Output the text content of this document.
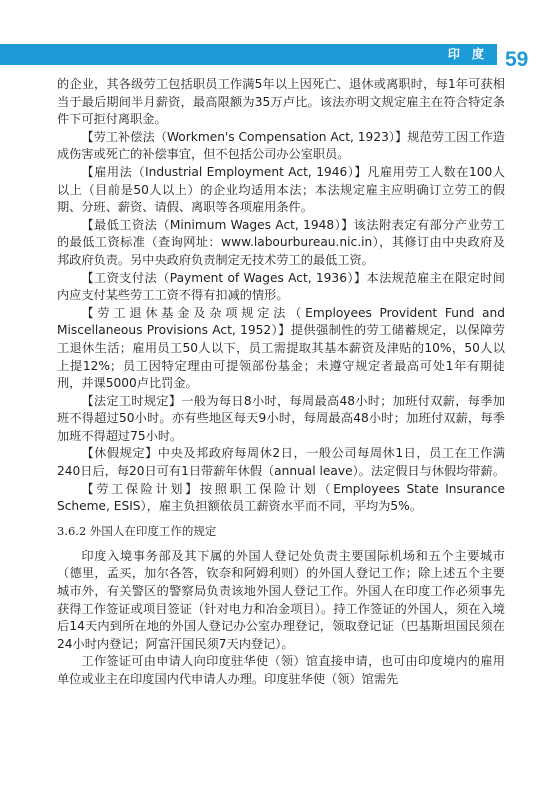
印 度 59

的企业，其各级劳工包括职员工作满5年以上因死亡、退休或离职时，每1年可获相当于最后期间半月薪资，最高限额为35万卢比。该法亦明文规定雇主在符合特定条件下可拒付离职金。

【劳工补偿法（Workmen's Compensation Act, 1923）】规范劳工因工作造成伤害或死亡的补偿事宜，但不包括公司办公室职员。

【雇用法（Industrial Employment Act, 1946）】凡雇用劳工人数在100人以上（目前是50人以上）的企业均适用本法；本法规定雇主应明确订立劳工的假期、分班、薪资、请假、离职等各项雇用条件。

【最低工资法（Minimum Wages Act, 1948）】该法附表定有部分产业劳工的最低工资标准（查询网址：www.labourbureau.nic.in），其修订由中央政府及邦政府负责。另中央政府负责制定无技术劳工的最低工资。

【工资支付法（Payment of Wages Act, 1936）】本法规范雇主在限定时间内应支付某些劳工工资不得有扣减的情形。

【劳工退休基金及杂项规定法（Employees Provident Fund and Miscellaneous Provisions Act, 1952）】提供强制性的劳工储蓄规定，以保障劳工退休生活；雇用员工50人以下，员工需提取其基本薪资及津贴的10%，50人以上提12%；员工因特定理由可提领部份基金；未遵守规定者最高可处1年有期徒刑，并课5000卢比罚金。

【法定工时规定】一般为每日8小时，每周最高48小时；加班付双薪，每季加班不得超过50小时。亦有些地区每天9小时，每周最高48小时；加班付双薪，每季加班不得超过75小时。

【休假规定】中央及邦政府每周休2日，一般公司每周休1日，员工在工作满240日后，每20日可有1日带薪年休假（annual leave）。法定假日与休假均带薪。

【劳工保险计划】按照职工保险计划（Employees State Insurance Scheme, ESIS），雇主负担额依员工薪资水平而不同，平均为5%。

3.6.2 外国人在印度工作的规定

印度入境事务部及其下属的外国人登记处负责主要国际机场和五个主要城市（德里，孟买，加尔各答，钦奈和阿姆利则）的外国人登记工作；除上述五个主要城市外，有关警区的警察局负责该地外国人登记工作。外国人在印度工作必须事先获得工作签证或项目签证（针对电力和冶金项目）。持工作签证的外国人，须在入境后14天内到所在地的外国人登记办公室办理登记，领取登记证（巴基斯坦国民须在24小时内登记；阿富汗国民须7天内登记）。

工作签证可由申请人向印度驻华使（领）馆直接申请，也可由印度境内的雇用单位或业主在印度国内代申请人办理。印度驻华使（领）馆需先
